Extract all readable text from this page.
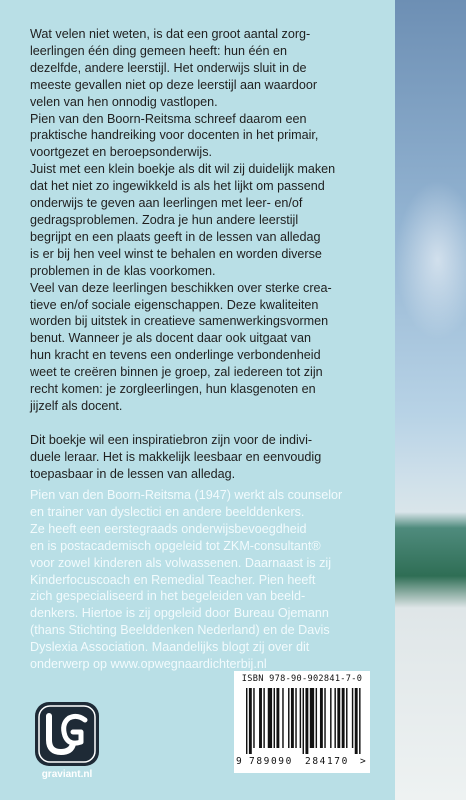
Wat velen niet weten, is dat een groot aantal zorg-

leerlingen één ding gemeen heeft: hun één en

dezelfde, andere leerstijl. Het onderwijs sluit in de

meeste gevallen niet op deze leerstijl aan waardoor

velen van hen onnodig vastlopen.

Pien van den Boorn-Reitsma schreef daarom een

praktische handreiking voor docenten in het primair,

voortgezet en beroepsonderwijs.

Juist met een klein boekje als dit wil zij duidelijk maken

dat het niet zo ingewikkeld is als het lijkt om passend

onderwijs te geven aan leerlingen met leer- en/of

gedragsproblemen. Zodra je hun andere leerstijl

begrijpt en een plaats geeft in de lessen van alledag

is er bij hen veel winst te behalen en worden diverse

problemen in de klas voorkomen.

Veel van deze leerlingen beschikken over sterke crea-

tieve en/of sociale eigenschappen. Deze kwaliteiten

worden bij uitstek in creatieve samenwerkingsvormen

benut. Wanneer je als docent daar ook uitgaat van

hun kracht en tevens een onderlinge verbondenheid

weet te creëren binnen je groep, zal iedereen tot zijn

recht komen: je zorgleerlingen, hun klasgenoten en

jijzelf als docent.

Dit boekje wil een inspiratiebron zijn voor de indivi-

duele leraar. Het is makkelijk leesbaar en eenvoudig

toepasbaar in de lessen van alledag.

Pien van den Boorn-Reitsma (1947) werkt als counselor

en trainer van dyslectici en andere beelddenkers.

Ze heeft een eerstegraads onderwijsbevoegdheid

en is postacademisch opgeleid tot ZKM-consultant®

voor zowel kinderen als volwassenen. Daarnaast is zij

Kinderfocuscoach en Remedial Teacher. Pien heeft

zich gespecialiseerd in het begeleiden van beeld-

denkers. Hiertoe is zij opgeleid door Bureau Ojemann

(thans Stichting Beelddenken Nederland) en de Davis

Dyslexia Association. Maandelijks blogt zij over dit

onderwerp op www.opwegnaardichterbij.nl

ISBN 978-90-902841-7-0
9 789090 284170 >
graviant.nl
